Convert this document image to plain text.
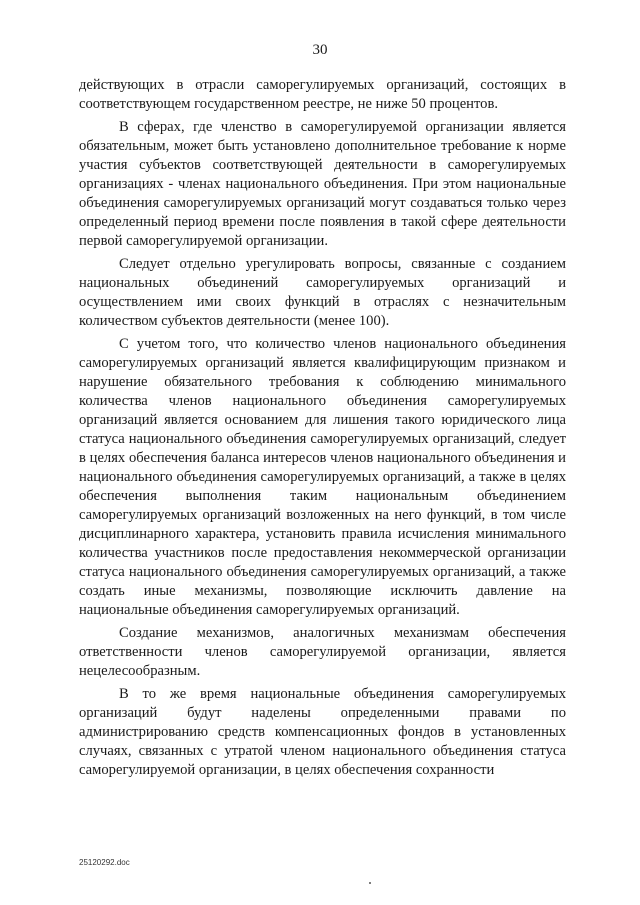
30

действующих в отрасли саморегулируемых организаций, состоящих в соответствующем государственном реестре, не ниже 50 процентов.

В сферах, где членство в саморегулируемой организации является обязательным, может быть установлено дополнительное требование к норме участия субъектов соответствующей деятельности в саморегулируемых организациях - членах национального объединения. При этом национальные объединения саморегулируемых организаций могут создаваться только через определенный период времени после появления в такой сфере деятельности первой саморегулируемой организации.

Следует отдельно урегулировать вопросы, связанные с созданием национальных объединений саморегулируемых организаций и осуществлением ими своих функций в отраслях с незначительным количеством субъектов деятельности (менее 100).

С учетом того, что количество членов национального объединения саморегулируемых организаций является квалифицирующим признаком и нарушение обязательного требования к соблюдению минимального количества членов национального объединения саморегулируемых организаций является основанием для лишения такого юридического лица статуса национального объединения саморегулируемых организаций, следует в целях обеспечения баланса интересов членов национального объединения и национального объединения саморегулируемых организаций, а также в целях обеспечения выполнения таким национальным объединением саморегулируемых организаций возложенных на него функций, в том числе дисциплинарного характера, установить правила исчисления минимального количества участников после предоставления некоммерческой организации статуса национального объединения саморегулируемых организаций, а также создать иные механизмы, позволяющие исключить давление на национальные объединения саморегулируемых организаций.

Создание механизмов, аналогичных механизмам обеспечения ответственности членов саморегулируемой организации, является нецелесообразным.

В то же время национальные объединения саморегулируемых организаций будут наделены определенными правами по администрированию средств компенсационных фондов в установленных случаях, связанных с утратой членом национального объединения статуса саморегулируемой организации, в целях обеспечения сохранности

25120292.doc
